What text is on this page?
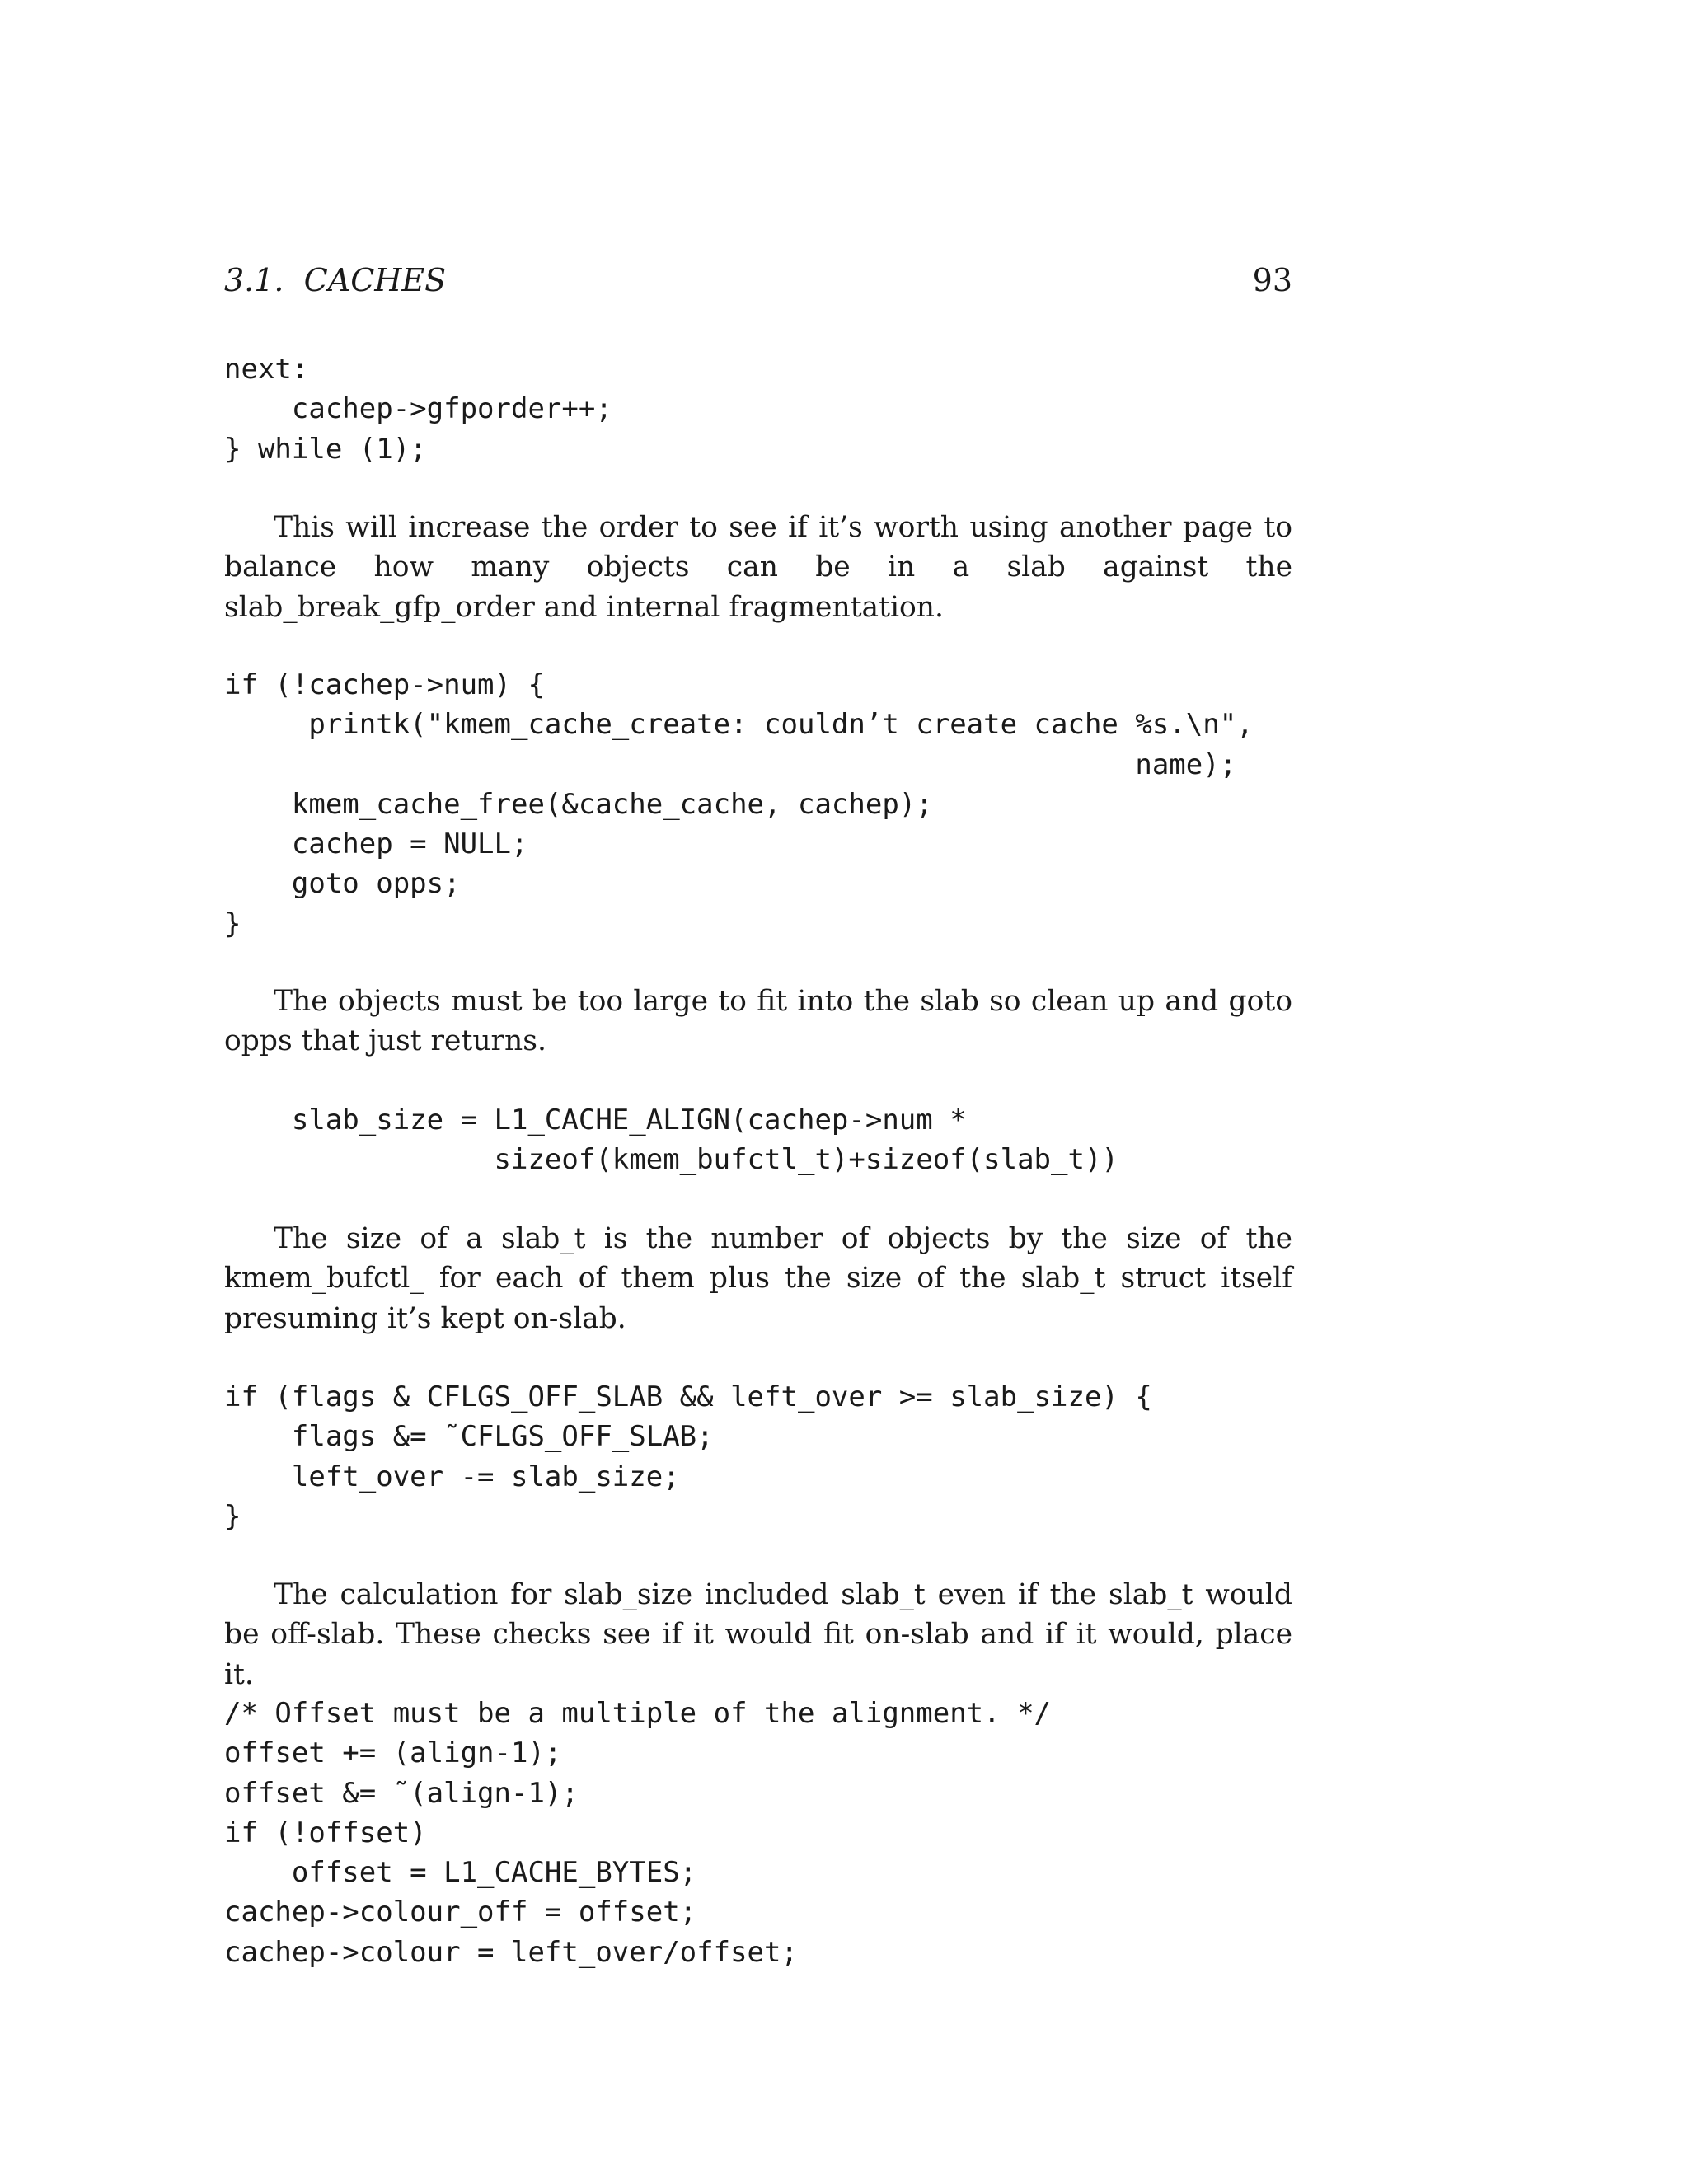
3.1.  CACHES	93
next:
cachep->gfporder++;
} while (1);

This will increase the order to see if it’s worth using another page to balance how many objects can be in a slab against the slab_break_gfp_order and internal fragmentation.

if (!cachep->num) {
printk("kmem_cache_create: couldn’t create cache %s.\n",
name);
kmem_cache_free(&cache_cache, cachep);
cachep = NULL;
goto opps;
}

The objects must be too large to fit into the slab so clean up and goto opps that just returns.

slab_size = L1_CACHE_ALIGN(cachep->num *
sizeof(kmem_bufctl_t)+sizeof(slab_t))

The size of a slab_t is the number of objects by the size of the kmem_bufctl_ for each of them plus the size of the slab_t struct itself presuming it’s kept on-slab.

if (flags & CFLGS_OFF_SLAB && left_over >= slab_size) {
flags &= ˜CFLGS_OFF_SLAB;
left_over -= slab_size;
}

The calculation for slab_size included slab_t even if the slab_t would be off-slab. These checks see if it would fit on-slab and if it would, place it.

/* Offset must be a multiple of the alignment. */
offset += (align-1);
offset &= ˜(align-1);
if (!offset)
offset = L1_CACHE_BYTES;
cachep->colour_off = offset;
cachep->colour = left_over/offset;
